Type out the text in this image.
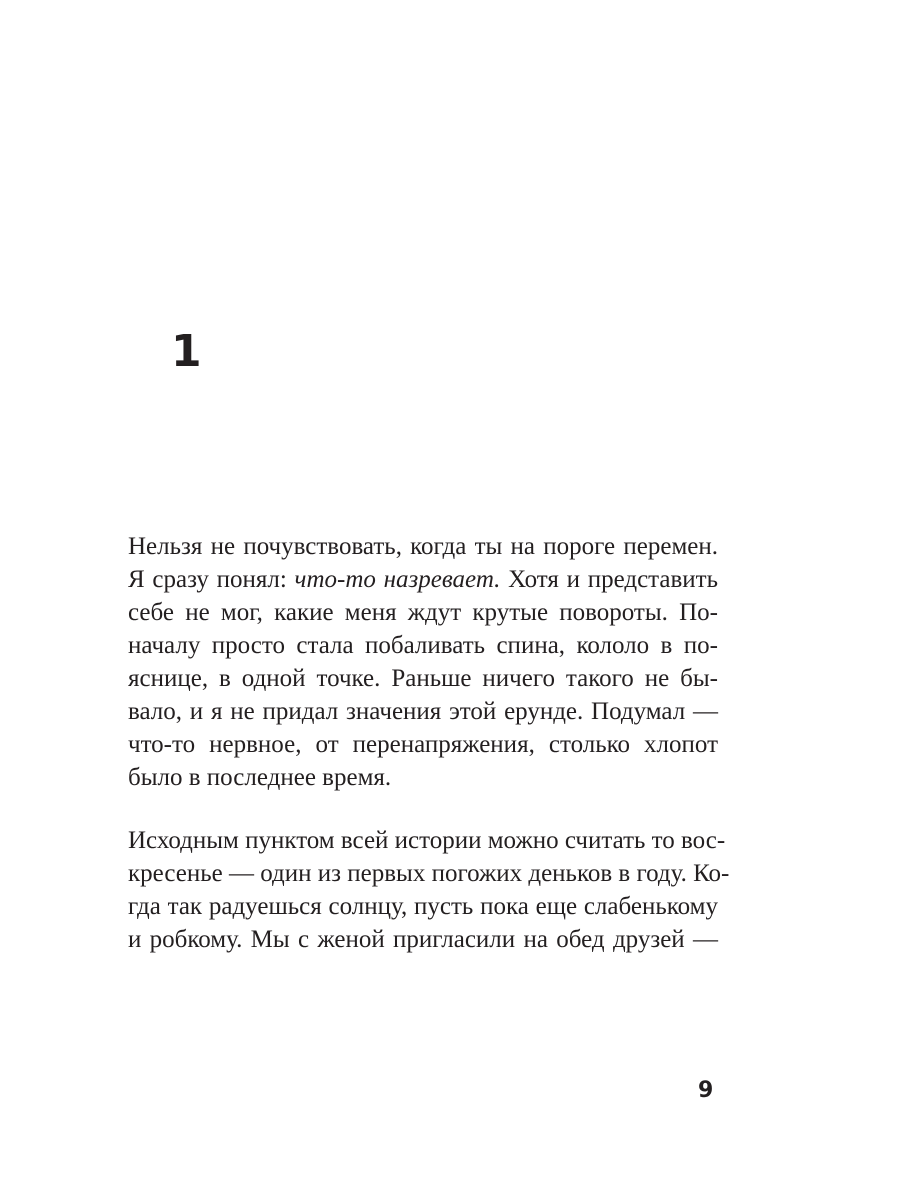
1

Нельзя не почувствовать, когда ты на пороге перемен.
Я сразу понял: что-то назревает. Хотя и представить
себе не мог, какие меня ждут крутые повороты. По-
началу просто стала побаливать спина, кололо в по-
яснице, в одной точке. Раньше ничего такого не бы-
вало, и я не придал значения этой ерунде. Подумал —
что-то нервное, от перенапряжения, столько хлопот
было в последнее время.

Исходным пунктом всей истории можно считать то вос-
кресенье — один из первых погожих деньков в году. Ко-
гда так радуешься солнцу, пусть пока еще слабенькому
и робкому. Мы с женой пригласили на обед друзей —

9
